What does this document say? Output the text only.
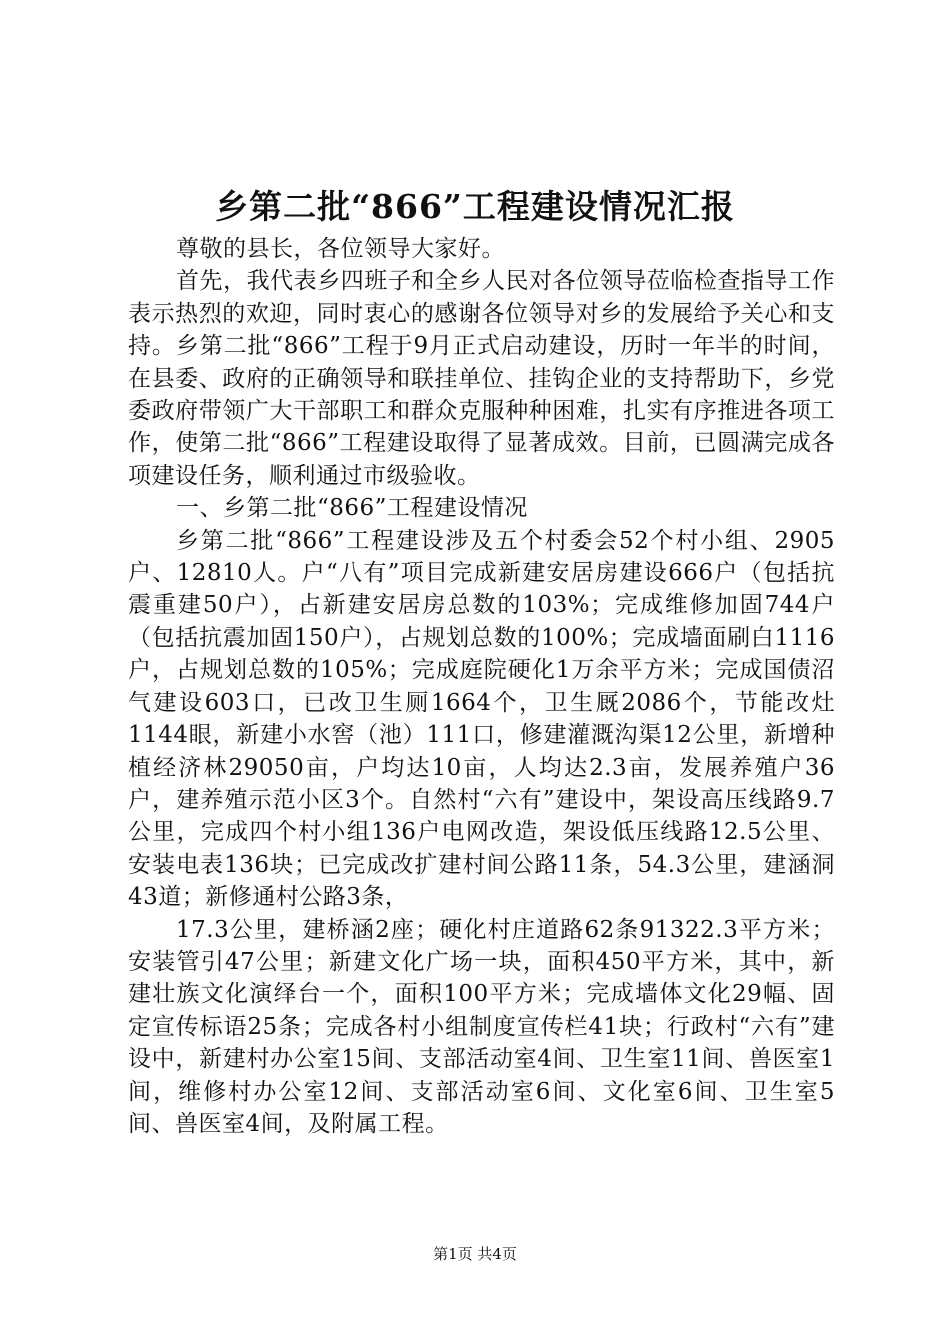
乡第二批“866”工程建设情况汇报

尊敬的县长，各位领导大家好。

首先，我代表乡四班子和全乡人民对各位领导莅临检查指导工作表示热烈的欢迎，同时衷心的感谢各位领导对乡的发展给予关心和支持。乡第二批“866”工程于9月正式启动建设，历时一年半的时间，在县委、政府的正确领导和联挂单位、挂钩企业的支持帮助下，乡党委政府带领广大干部职工和群众克服种种困难，扎实有序推进各项工作，使第二批“866”工程建设取得了显著成效。目前，已圆满完成各项建设任务，顺利通过市级验收。

一、乡第二批“866”工程建设情况

乡第二批“866”工程建设涉及五个村委会52个村小组、2905户、12810人。户“八有”项目完成新建安居房建设666户（包括抗震重建50户），占新建安居房总数的103%；完成维修加固744户（包括抗震加固150户），占规划总数的100%；完成墙面刷白1116户，占规划总数的105%；完成庭院硬化1万余平方米；完成国债沼气建设603口，已改卫生厕1664个，卫生厩2086个，节能改灶1144眼，新建小水窖（池）111口，修建灌溉沟渠12公里，新增种植经济林29050亩，户均达10亩，人均达2.3亩，发展养殖户36户，建养殖示范小区3个。自然村“六有”建设中，架设高压线路9.7公里，完成四个村小组136户电网改造，架设低压线路12.5公里、安装电表136块；已完成改扩建村间公路11条，54.3公里，建涵洞43道；新修通村公路3条，

17.3公里，建桥涵2座；硬化村庄道路62条91322.3平方米；安装管引47公里；新建文化广场一块，面积450平方米，其中，新建壮族文化演绎台一个，面积100平方米；完成墙体文化29幅、固定宣传标语25条；完成各村小组制度宣传栏41块；行政村“六有”建设中，新建村办公室15间、支部活动室4间、卫生室11间、兽医室1间，维修村办公室12间、支部活动室6间、文化室6间、卫生室5间、兽医室4间，及附属工程。

第1页 共4页
